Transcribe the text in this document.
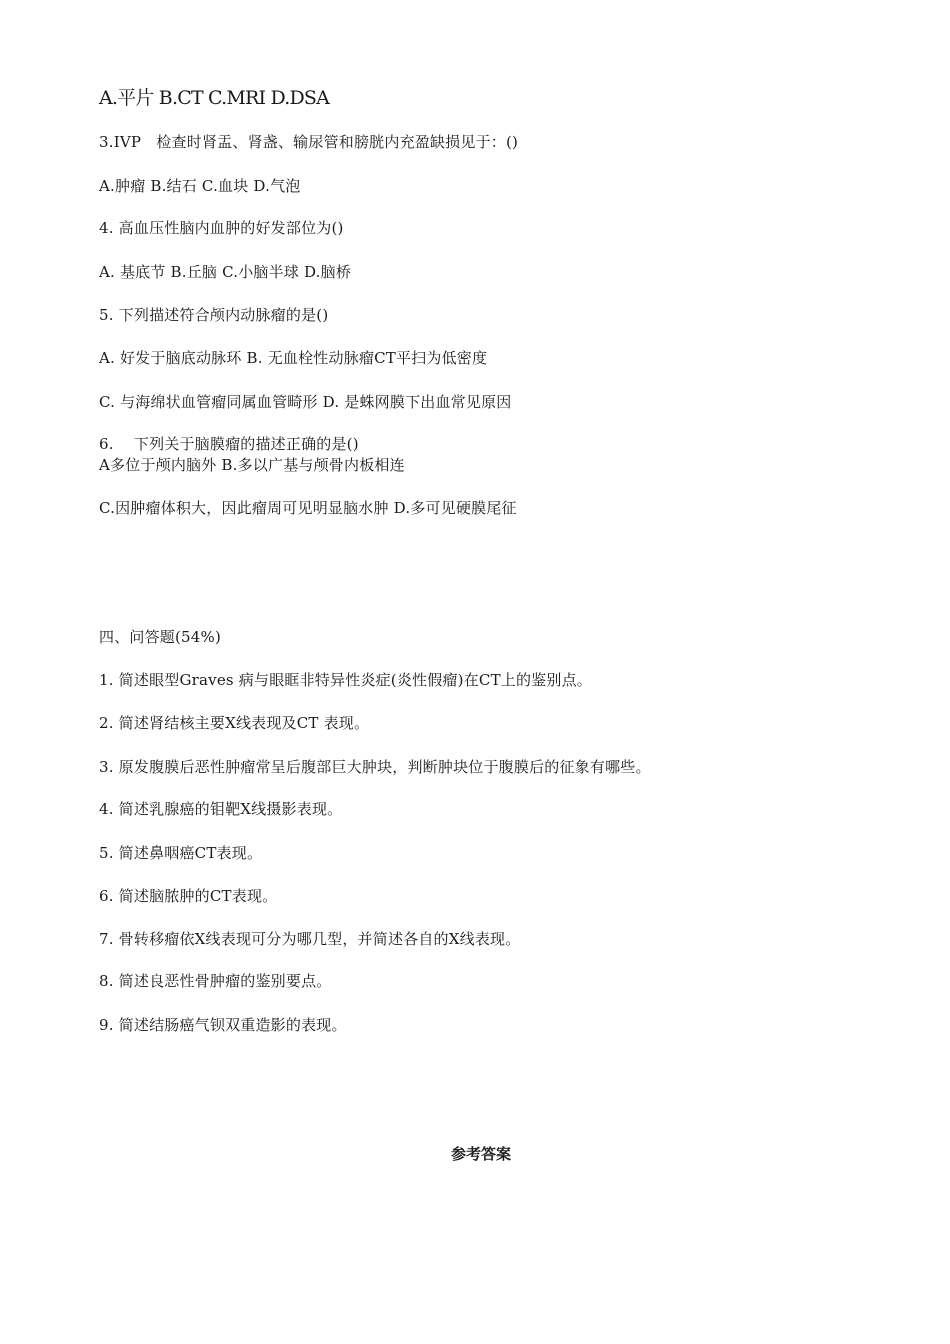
A.平片 B.CT C.MRI D.DSA
3.IVP　检查时肾盂、肾盏、输尿管和膀胱内充盈缺损见于：()
A.肿瘤 B.结石 C.血块 D.气泡
4. 高血压性脑内血肿的好发部位为()
A. 基底节 B.丘脑 C.小脑半球 D.脑桥
5. 下列描述符合颅内动脉瘤的是()
A. 好发于脑底动脉环 B. 无血栓性动脉瘤CT平扫为低密度
C. 与海绵状血管瘤同属血管畸形 D. 是蛛网膜下出血常见原因
6.　 下列关于脑膜瘤的描述正确的是()
A多位于颅内脑外 B.多以广基与颅骨内板相连
C.因肿瘤体积大，因此瘤周可见明显脑水肿 D.多可见硬膜尾征
四、问答题(54%)
1. 简述眼型Graves 病与眼眶非特异性炎症(炎性假瘤)在CT上的鉴别点。
2. 简述肾结核主要X线表现及CT 表现。
3. 原发腹膜后恶性肿瘤常呈后腹部巨大肿块，判断肿块位于腹膜后的征象有哪些。
4. 简述乳腺癌的钼靶X线摄影表现。
5. 简述鼻咽癌CT表现。
6. 简述脑脓肿的CT表现。
7. 骨转移瘤依X线表现可分为哪几型，并简述各自的X线表现。
8. 简述良恶性骨肿瘤的鉴别要点。
9. 简述结肠癌气钡双重造影的表现。
参考答案
